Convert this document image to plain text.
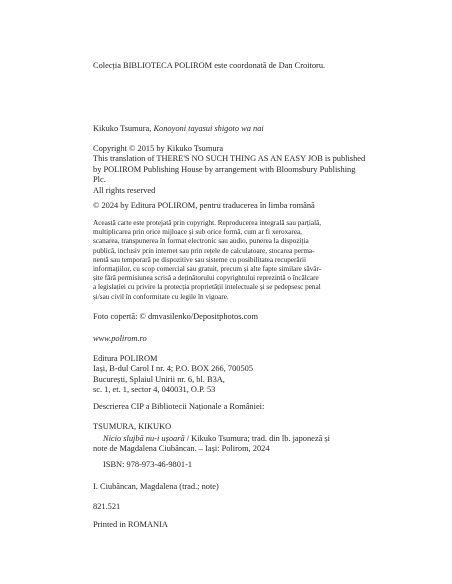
Colecția BIBLIOTECA POLIROM este coordonată de Dan Croitoru.

Kikuko Tsumura, Konoyoni tayasui shigoto wa nai

Copyright © 2015 by Kikuko Tsumura

This translation of THERE'S NO SUCH THING AS AN EASY JOB is published

by POLIROM Publishing House by arrangement with Bloomsbury Publishing

Plc.

All rights reserved

© 2024 by Editura POLIROM, pentru traducerea în limba română

Această carte este protejată prin copyright. Reproducerea integrală sau parțială,

multiplicarea prin orice mijloace și sub orice formă, cum ar fi xeroxarea,

scanarea, transpunerea în format electronic sau audio, punerea la dispoziția

publică, inclusiv prin internet sau prin rețele de calculatoare, stocarea perma-

nentă sau temporară pe dispozitive sau sisteme cu posibilitatea recuperării

informațiilor, cu scop comercial sau gratuit, precum și alte fapte similare săvâr-

șite fără permisiunea scrisă a deținătorului copyrightului reprezintă o încălcare

a legislației cu privire la protecția proprietății intelectuale și se pedepsesc penal

și/sau civil în conformitate cu legile în vigoare.

Foto copertă: © dmvasilenko/Depositphotos.com

www.polirom.ro

Editura POLIROM

Iași, B-dul Carol I nr. 4; P.O. BOX 266, 700505

București, Splaiul Unirii nr. 6, bl. B3A,

sc. 1, et. 1, sector 4, 040031, O.P. 53

Descrierea CIP a Bibliotecii Naționale a României:

TSUMURA, KIKUKO

Nicio slujbă nu-i ușoară / Kikuko Tsumura; trad. din lb. japoneză și

note de Magdalena Ciubăncan. – Iași: Polirom, 2024

ISBN: 978-973-46-9801-1

I. Ciubăncan, Magdalena (trad.; note)

821.521

Printed in ROMANIA
